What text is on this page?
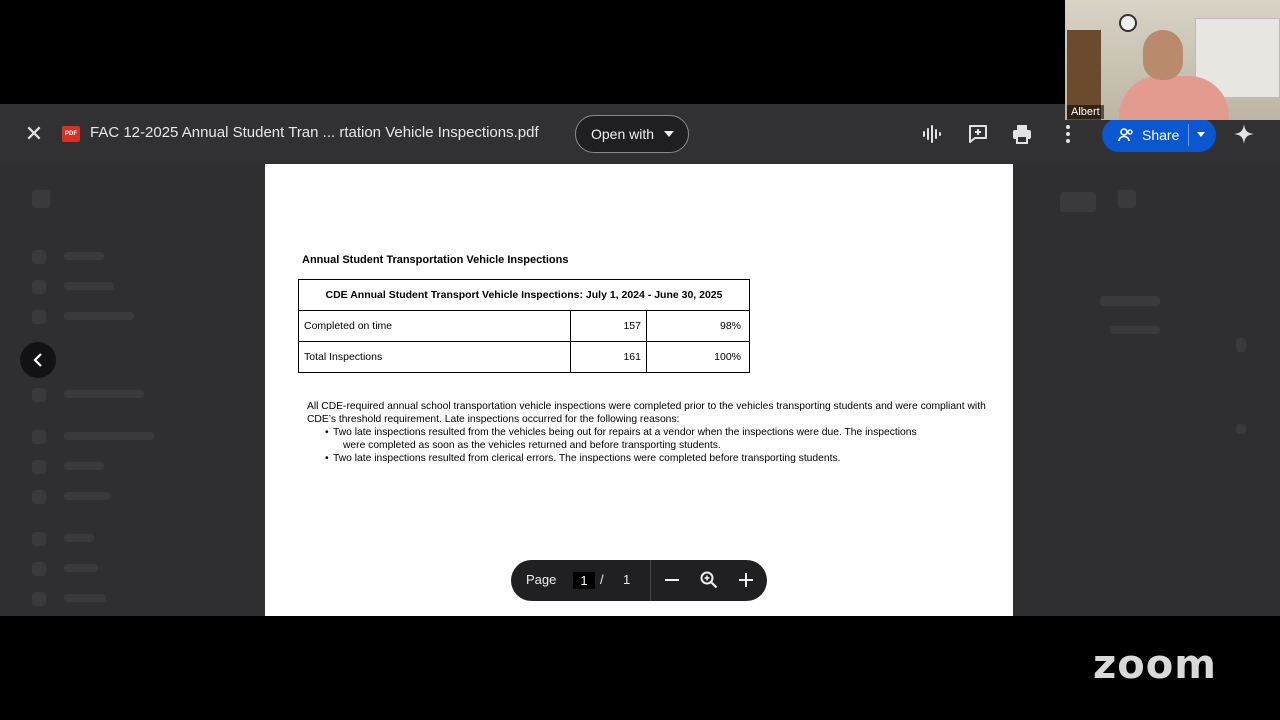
✕	PDF FAC 12-2025 Annual Student Tran ... rtation Vehicle Inspections.pdf	Open with	Share
Annual Student Transportation Vehicle Inspections
CDE Annual Student Transport Vehicle Inspections: July 1, 2024 - June 30, 2025		
Completed on time	157	98%
Total Inspections	161	100%
All CDE-required annual school transportation vehicle inspections were completed prior to the vehicles transporting students and were compliant with CDE’s threshold requirement. Late inspections occurred for the following reasons:
• Two late inspections resulted from the vehicles being out for repairs at a vendor when the inspections were due. The inspections
were completed as soon as the vehicles returned and before transporting students.
• Two late inspections resulted from clerical errors. The inspections were completed before transporting students.
Page	1 / 1
Albert
zoom
